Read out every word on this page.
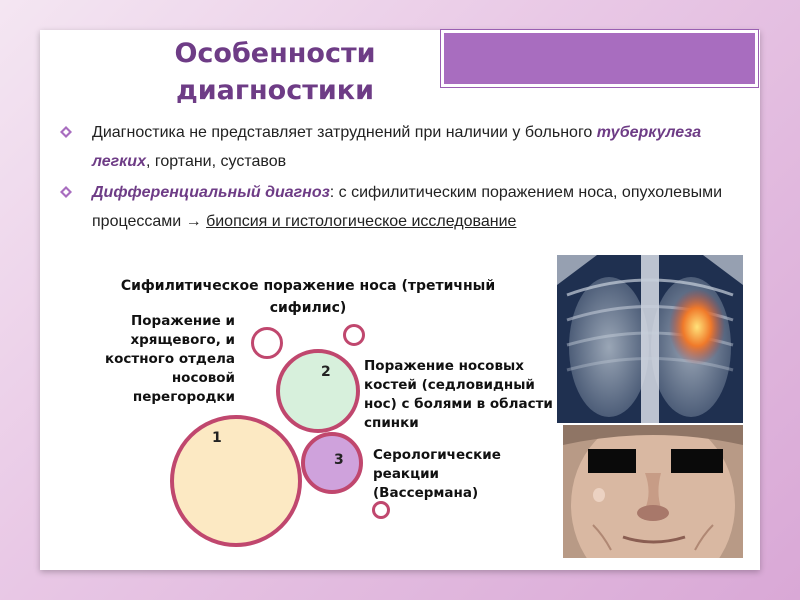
Особенности диагностики
Диагностика не представляет затруднений при наличии у больного туберкулеза легких, гортани, суставов
Дифференциальный диагноз: с сифилитическим поражением носа, опухолевыми процессами → биопсия и гистологическое исследование
Сифилитическое поражение носа (третичный сифилис)
2
1
3
Поражение и хрящевого, и костного отдела носовой перегородки
Поражение носовых костей (седловидный нос) с болями в области спинки
Серологические реакции (Вассермана)
